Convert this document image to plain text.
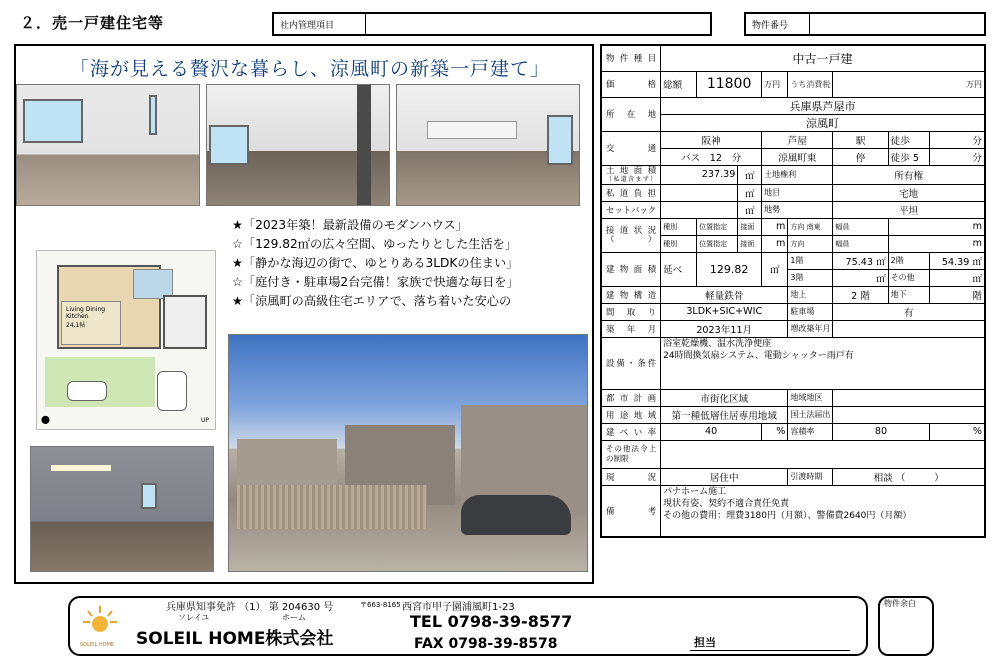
２．売一戸建住宅等	社内管理項目	物件番号
「海が見える贅沢な暮らし、涼風町の新築一戸建て」
Living Dining Kitchen
24.1帖
⬤	UP
★「2023年築！最新設備のモダンハウス」
☆「129.82㎡の広々空間、ゆったりとした生活を」
★「静かな海辺の街で、ゆとりある3LDKの住まい」
☆「庭付き・駐車場2台完備！家族で快適な毎日を」
★「涼風町の高級住宅エリアで、落ち着いた安心の
物件種目	中古一戸建							
価格	総額	11800		万円	うち消費税	万円		
所在地	兵庫県芦屋市							
	涼風町							
交通	阪神			芦屋		駅	徒歩	分
	バス　 12　 分			涼風町東		停	徒歩 5	分
土地面積
（私道含まず）	237.39		㎡	土地権利		所有権		
私道負担			㎡	地目		宅地		
セットバック			㎡	地勢		平坦		
接道状況
（　）	種別	位置指定	接面	m	方向 南東	幅員	m	
	種別	位置指定	接面	m	方向	幅員	m	
建物面積	延べ	129.82		㎡	1階	75.43 ㎡	2階	54.39 ㎡
					3階	㎡	その他	㎡
建物構造	軽量鉄骨				地上	2 階	地下	階
間取り	3LDK+SIC+WIC				駐車場	有		
築年月	2023年11月				増改築年月			
設備・条件	浴室乾燥機、温水洗浄便座
24時間換気扇システム、電動シャッター雨戸有							
都市計画	市街化区域				地域地区			
用途地域	第一種低層住居専用地域				国土法届出			
建ぺい率	40			%	容積率	80		%
その他法令上の制限								
現況	居住中				引渡時期	相談 （　　　）		
備考	パナホーム施工
現状有姿、契約不適合責任免責
その他の費用：理費3180円（月額）、警備費2640円（月額）							
SOLEIL HOME
兵庫県知事免許 （1） 第 204630 号	〒663-8165 西宮市甲子園浦風町1-23
ソレイユ	ホーム
SOLEIL HOME株式会社
TEL 0798-39-8577
FAX 0798-39-8578	担当
物件余白
